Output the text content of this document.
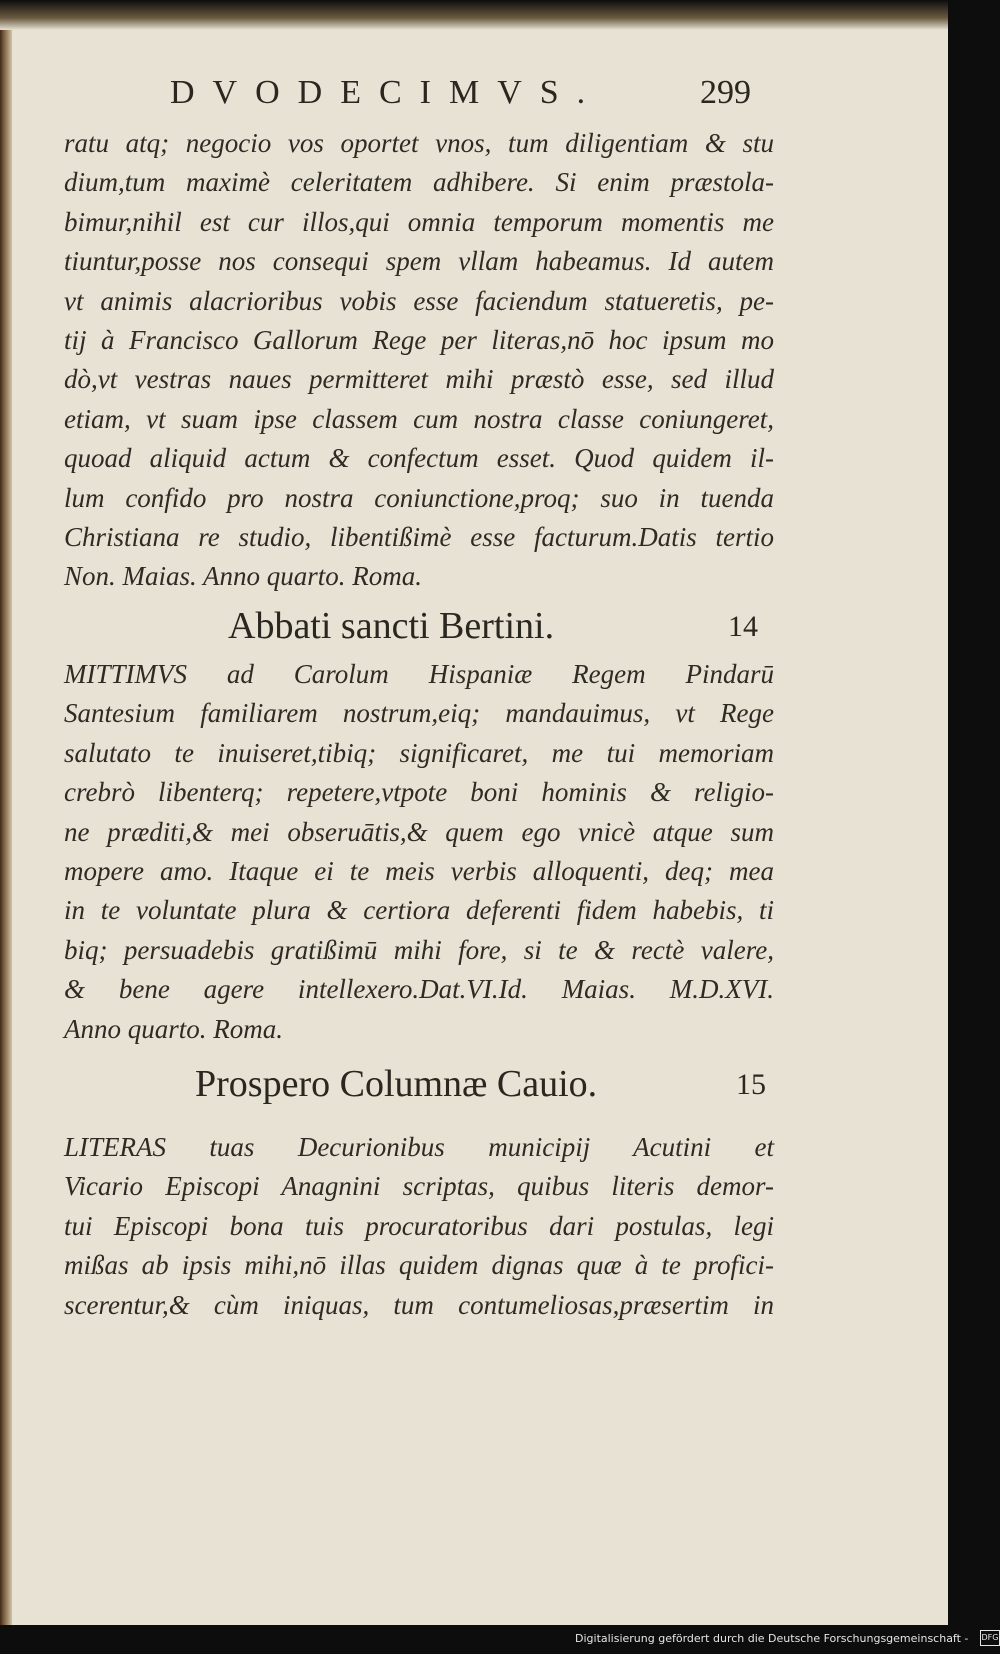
DVODECIMVS.	299
ratu atq; negocio vos oportet vnos, tum diligentiam & stu
dium,tum maximè celeritatem adhibere. Si enim præstola-
bimur,nihil est cur illos,qui omnia temporum momentis me
tiuntur,posse nos consequi spem vllam habeamus. Id autem
vt animis alacrioribus vobis esse faciendum statueretis, pe-
tij à Francisco Gallorum Rege per literas,nō hoc ipsum mo
dò,vt vestras naues permitteret mihi præstò esse, sed illud
etiam, vt suam ipse classem cum nostra classe coniungeret,
quoad aliquid actum & confectum esset. Quod quidem il-
lum confido pro nostra coniunctione,proq; suo in tuenda
Christiana re studio, libentißimè esse facturum.Datis tertio
Non. Maias. Anno quarto. Roma.
Abbati sancti Bertini.	14
MITTIMVS ad Carolum Hispaniæ Regem Pindarū
Santesium familiarem nostrum,eiq; mandauimus, vt Rege
salutato te inuiseret,tibiq; significaret, me tui memoriam
crebrò libenterq; repetere,vtpote boni hominis & religio-
ne præditi,& mei obseruātis,& quem ego vnicè atque sum
mopere amo. Itaque ei te meis verbis alloquenti, deq; mea
in te voluntate plura & certiora deferenti fidem habebis, ti
biq; persuadebis gratißimū mihi fore, si te & rectè valere,
& bene agere intellexero.Dat.VI.Id. Maias. M.D.XVI.
Anno quarto. Roma.
Prospero Columnæ Cauio.	15
LITERAS tuas Decurionibus municipij Acutini et
Vicario Episcopi Anagnini scriptas, quibus literis demor-
tui Episcopi bona tuis procuratoribus dari postulas, legi
mißas ab ipsis mihi,nō illas quidem dignas quæ à te profici-
scerentur,& cùm iniquas, tum contumeliosas,præsertim in
Digitalisierung gefördert durch die Deutsche Forschungsgemeinschaft - DFG
